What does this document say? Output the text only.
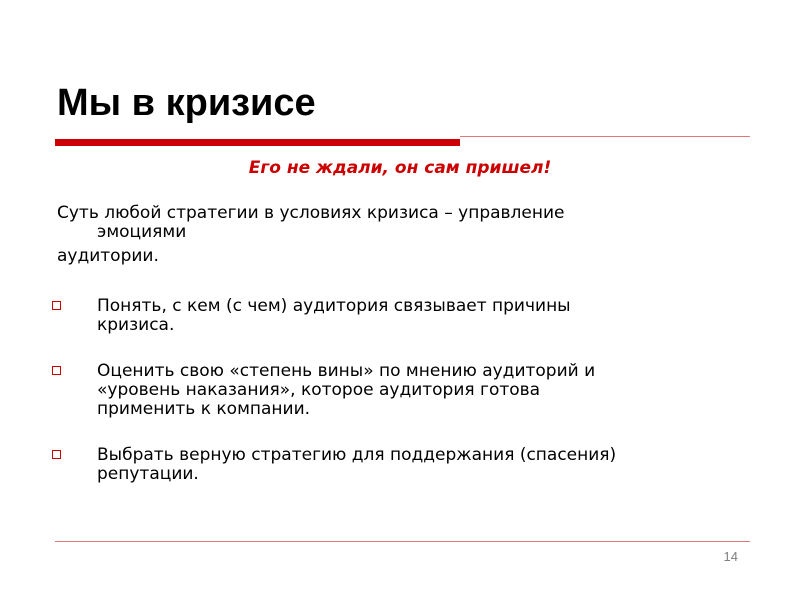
Мы в кризисе
Его не ждали, он сам пришел!
Суть любой стратегии в условиях кризиса – управление
эмоциями
аудитории.
Понять, с кем (с чем) аудитория связывает причины
кризиса.
Оценить свою «степень вины» по мнению аудиторий и
«уровень наказания», которое аудитория готова
применить к компании.
Выбрать верную стратегию для поддержания (спасения)
репутации.
14
